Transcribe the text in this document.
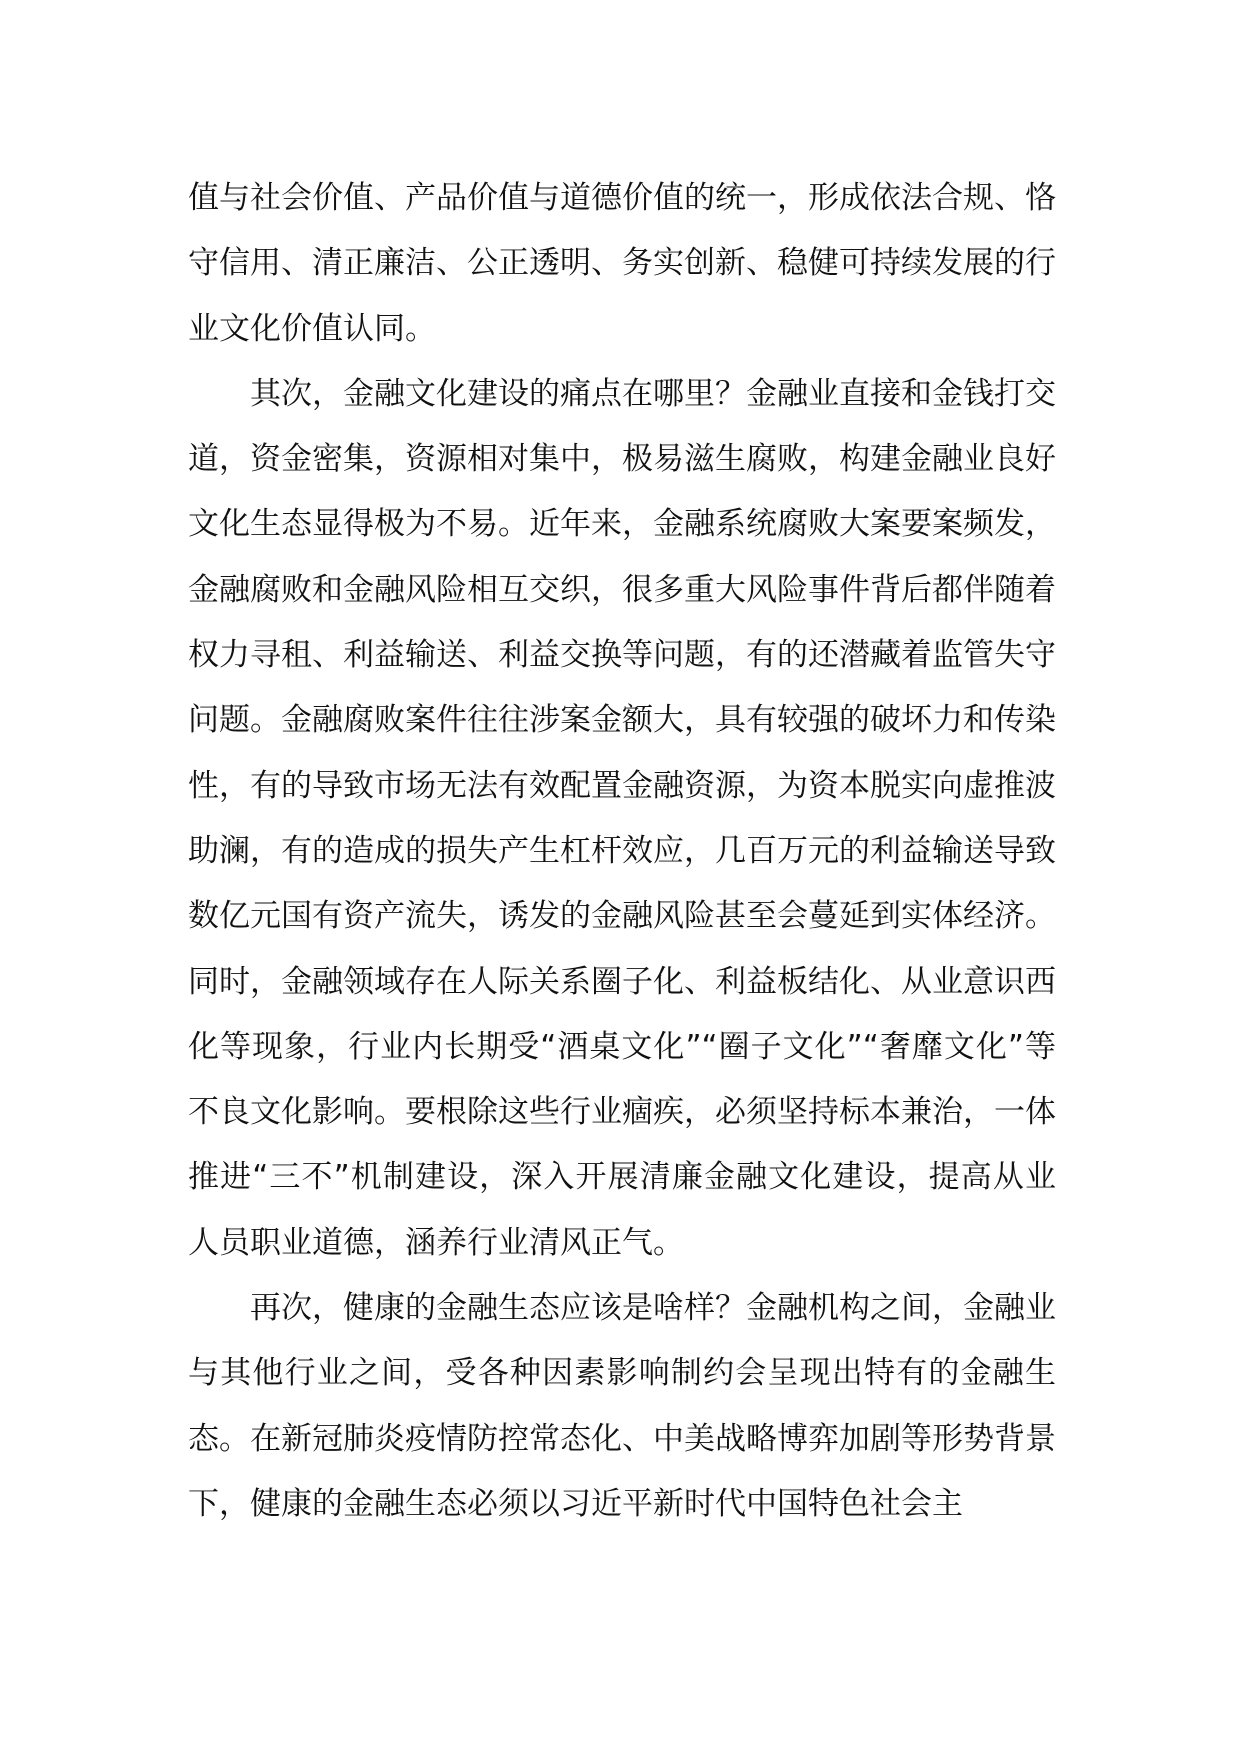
值与社会价值、产品价值与道德价值的统一，形成依法合规、恪守信用、清正廉洁、公正透明、务实创新、稳健可持续发展的行业文化价值认同。

其次，金融文化建设的痛点在哪里？金融业直接和金钱打交道，资金密集，资源相对集中，极易滋生腐败，构建金融业良好文化生态显得极为不易。近年来，金融系统腐败大案要案频发，金融腐败和金融风险相互交织，很多重大风险事件背后都伴随着权力寻租、利益输送、利益交换等问题，有的还潜藏着监管失守问题。金融腐败案件往往涉案金额大，具有较强的破坏力和传染性，有的导致市场无法有效配置金融资源，为资本脱实向虚推波助澜，有的造成的损失产生杠杆效应，几百万元的利益输送导致数亿元国有资产流失，诱发的金融风险甚至会蔓延到实体经济。同时，金融领域存在人际关系圈子化、利益板结化、从业意识西化等现象，行业内长期受“酒桌文化”“圈子文化”“奢靡文化”等不良文化影响。要根除这些行业痼疾，必须坚持标本兼治，一体推进“三不”机制建设，深入开展清廉金融文化建设，提高从业人员职业道德，涵养行业清风正气。

再次，健康的金融生态应该是啥样？金融机构之间，金融业与其他行业之间，受各种因素影响制约会呈现出特有的金融生态。在新冠肺炎疫情防控常态化、中美战略博弈加剧等形势背景下，健康的金融生态必须以习近平新时代中国特色社会主
